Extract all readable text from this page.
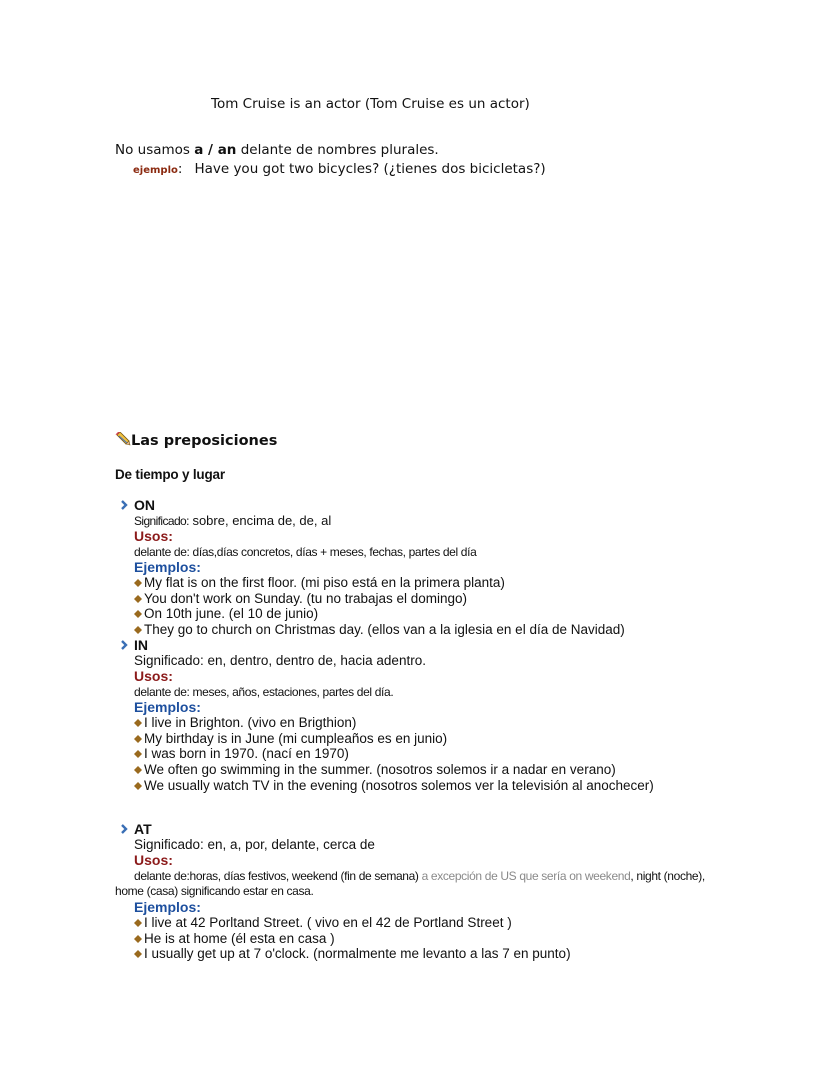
Tom Cruise is an actor (Tom Cruise es un actor)
No usamos a / an delante de nombres plurales.
ejemplo: Have you got two bicycles? (¿tienes dos bicicletas?)
Las preposiciones
De tiempo y lugar
ON
Significado: sobre, encima de, de, al
Usos:
delante de: días,días concretos, días + meses, fechas, partes del día
Ejemplos:
My flat is on the first floor. (mi piso está en la primera planta)
You don't work on Sunday. (tu no trabajas el domingo)
On 10th june. (el 10 de junio)
They go to church on Christmas day. (ellos van a la iglesia en el día de Navidad)
IN
Significado: en, dentro, dentro de, hacia adentro.
Usos:
delante de: meses, años, estaciones, partes del día.
Ejemplos:
I live in Brighton. (vivo en Brigthion)
My birthday is in June (mi cumpleaños es en junio)
I was born in 1970. (nací en 1970)
We often go swimming in the summer. (nosotros solemos ir a nadar en verano)
We usually watch TV in the evening (nosotros solemos ver la televisión al anochecer)
AT
Significado: en, a, por, delante, cerca de
Usos:
delante de:horas, días festivos, weekend (fin de semana) a excepción de US que sería on weekend, night (noche),
home (casa) significando estar en casa.
Ejemplos:
I live at 42 Porltand Street. ( vivo en el 42 de Portland Street )
He is at home (él esta en casa )
I usually get up at 7 o'clock. (normalmente me levanto a las 7 en punto)
